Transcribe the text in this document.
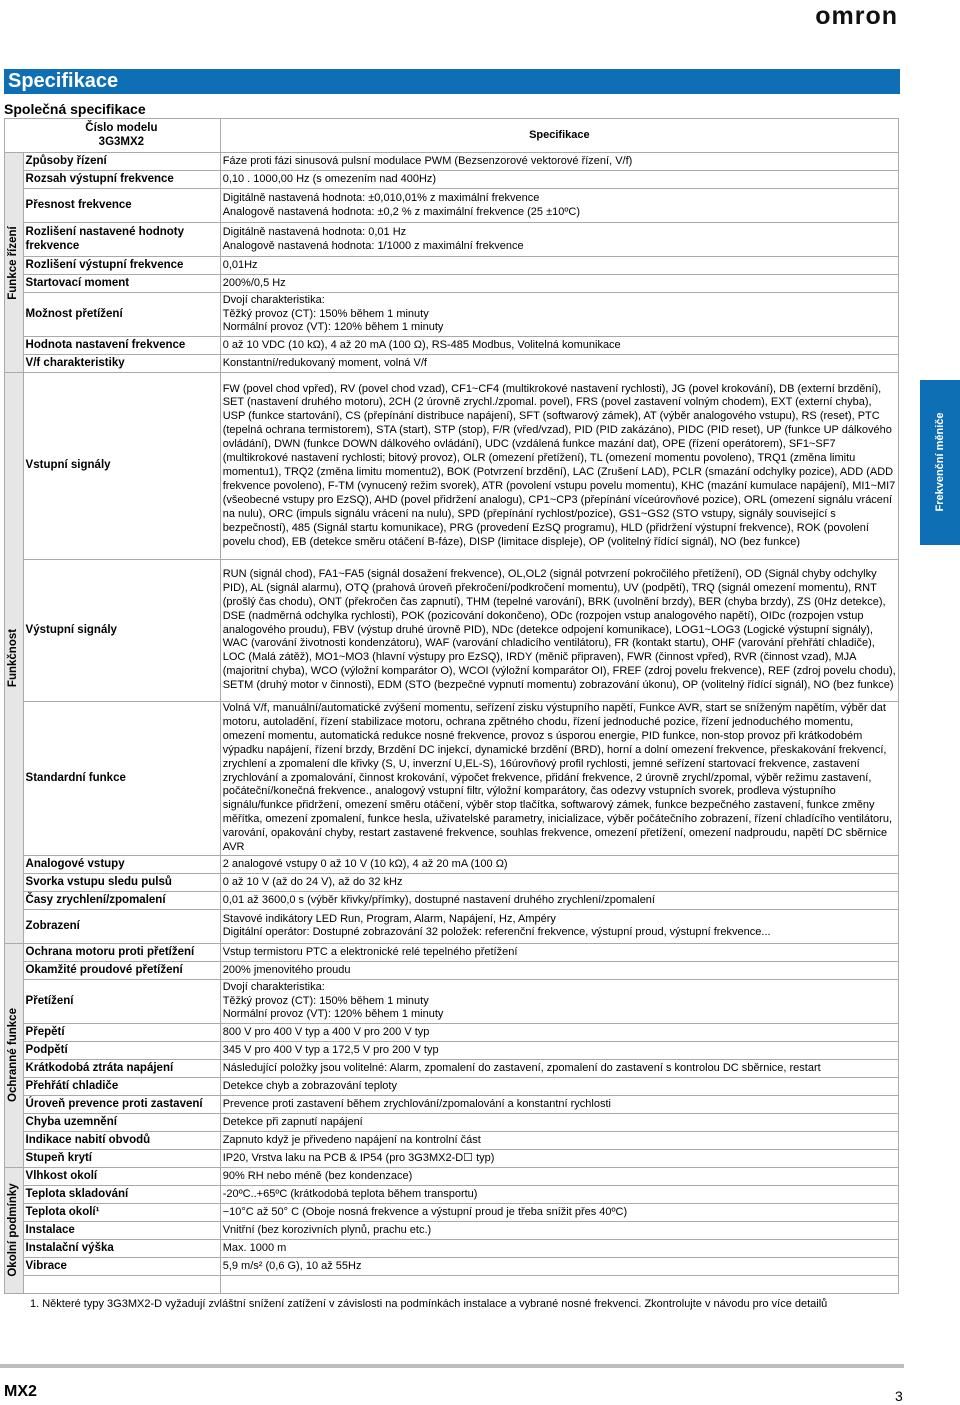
omron
Specifikace
Společná specifikace
Frekvenční měniče

	Číslo modelu
3G3MX2	Specifikace

Funkce řízení	Způsoby řízení	Fáze proti fázi sinusová pulsní modulace PWM (Bezsenzorové vektorové řízení, V/f)
	Rozsah výstupní frekvence	0,10 . 1000,00 Hz (s omezením nad 400Hz)
	Přesnost frekvence	Digitálně nastavená hodnota: ±0,010,01% z maximální frekvence
Analogově nastavená hodnota: ±0,2 % z maximální frekvence (25 ±10ºC)

	Rozlišení nastavené hodnoty frekvence	Digitálně nastavená hodnota: 0,01 Hz
Analogově nastavená hodnota: 1/1000 z maximální frekvence

	Rozlišení výstupní frekvence	0,01Hz
	Startovací moment	200%/0,5 Hz
	Možnost přetížení	Dvojí charakteristika:
Těžký provoz (CT): 150% během 1 minuty
Normální provoz (VT): 120% během 1 minuty

	Hodnota nastavení frekvence	0 až 10 VDC (10 kΩ), 4 až 20 mA (100 Ω), RS-485 Modbus, Volitelná komunikace
	V/f charakteristiky	Konstantní/redukovaný moment, volná V/f

Funkčnost	Vstupní signály	FW (povel chod vpřed), RV (povel chod vzad), CF1~CF4 (multikrokové nastavení rychlosti), JG (povel krokování), DB (externí brzdění), SET (nastavení druhého motoru), 2CH (2 úrovně zrychl./zpomal. povel), FRS (povel zastavení volným chodem), EXT (externí chyba), USP (funkce startování), CS (přepínání distribuce napájení), SFT (softwarový zámek), AT (výběr analogového vstupu), RS (reset), PTC (tepelná ochrana termistorem), STA (start), STP (stop), F/R (vřed/vzad), PID (PID zakázáno), PIDC (PID reset), UP (funkce UP dálkového ovládání), DWN (funkce DOWN dálkového ovládání), UDC (vzdálená funkce mazání dat), OPE (řízení operátorem), SF1~SF7 (multikrokové nastavení rychlosti; bitový provoz), OLR (omezení přetížení), TL (omezení momentu povoleno), TRQ1 (změna limitu momentu1), TRQ2 (změna limitu momentu2), BOK (Potvrzení brzdění), LAC (Zrušení LAD), PCLR (smazání odchylky pozice), ADD (ADD frekvence povoleno), F-TM (vynucený režim svorek), ATR (povolení vstupu povelu momentu), KHC (mazání kumulace napájení), MI1~MI7 (všeobecné vstupy pro EzSQ), AHD (povel přidržení analogu), CP1~CP3 (přepínání víceúrovňové pozice), ORL (omezení signálu vrácení na nulu), ORC (impuls signálu vrácení na nulu), SPD (přepínání rychlost/pozice), GS1~GS2 (STO vstupy, signály související s bezpečností), 485 (Signál startu komunikace), PRG (provedení EzSQ programu), HLD (přidržení výstupní frekvence), ROK (povolení povelu chod), EB (detekce směru otáčení B-fáze), DISP (limitace displeje), OP (volitelný řídící signál), NO (bez funkce)
	Výstupní signály	RUN (signál chod), FA1~FA5 (signál dosažení frekvence), OL,OL2 (signál potvrzení pokročilého přetížení), OD (Signál chyby odchylky PID), AL (signál alarmu), OTQ (prahová úroveň překročení/podkročení momentu), UV (podpětí), TRQ (signál omezení momentu), RNT (prošlý čas chodu), ONT (překročen čas zapnutí), THM (tepelné varování), BRK (uvolnění brzdy), BER (chyba brzdy), ZS (0Hz detekce), DSE (nadměrná odchylka rychlosti), POK (pozicování dokončeno), ODc (rozpojen vstup analogového napětí), OIDc (rozpojen vstup analogového proudu), FBV (výstup druhé úrovně PID), NDc (detekce odpojení komunikace), LOG1~LOG3 (Logické výstupní signály), WAC (varování životnosti kondenzátoru), WAF (varování chladicího ventilátoru), FR (kontakt startu), OHF (varování přehřátí chladiče), LOC (Malá zátěž), MO1~MO3 (hlavní výstupy pro EzSQ), IRDY (měnič připraven), FWR (činnost vpřed), RVR (činnost vzad), MJA (majoritní chyba), WCO (výložní komparátor O), WCOI (výložní komparátor OI), FREF (zdroj povelu frekvence), REF (zdroj povelu chodu), SETM (druhý motor v činnosti), EDM (STO (bezpečné vypnutí momentu) zobrazování úkonu), OP (volitelný řídící signál), NO (bez funkce)
	Standardní funkce	Volná V/f, manuální/automatické zvýšení momentu, seřízení zisku výstupního napětí, Funkce AVR, start se sníženým napětím, výběr dat motoru, autoladění, řízení stabilizace motoru, ochrana zpětného chodu, řízení jednoduché pozice, řízení jednoduchého momentu, omezení momentu, automatická redukce nosné frekvence, provoz s úsporou energie, PID funkce, non-stop provoz při krátkodobém výpadku napájení, řízení brzdy, Brzdění DC injekcí, dynamické brzdění (BRD), horní a dolní omezení frekvence, přeskakování frekvencí, zrychlení a zpomalení dle křivky (S, U, inverzní U,EL-S), 16úrovňový profil rychlosti, jemné seřízení startovací frekvence, zastavení zrychlování a zpomalování, činnost krokování, výpočet frekvence, přidání frekvence, 2 úrovně zrychl/zpomal, výběr režimu zastavení, počáteční/konečná frekvence., analogový vstupní filtr, výložní komparátory, čas odezvy vstupních svorek, prodleva výstupního signálu/funkce přidržení, omezení směru otáčení, výběr stop tlačítka, softwarový zámek, funkce bezpečného zastavení, funkce změny měřítka, omezení zpomalení, funkce hesla, uživatelské parametry, inicializace, výběr počátečního zobrazení, řízení chladícího ventilátoru, varování, opakování chyby, restart zastavené frekvence, souhlas frekvence, omezení přetížení, omezení nadproudu, napětí DC sběrnice AVR
	Analogové vstupy	2 analogové vstupy 0 až 10 V (10 kΩ), 4 až 20 mA (100 Ω)
	Svorka vstupu sledu pulsů	0 až 10 V (až do 24 V), až do 32 kHz
	Časy zrychlení/zpomalení	0,01 až 3600,0 s (výběr křivky/přímky), dostupné nastavení druhého zrychlení/zpomalení
	Zobrazení	Stavové indikátory LED Run, Program, Alarm, Napájení, Hz, Ampéry
Digitální operátor: Dostupné zobrazování 32 položek: referenční frekvence, výstupní proud, výstupní frekvence...

Ochranné funkce	Ochrana motoru proti přetížení	Vstup termistoru PTC a elektronické relé tepelného přetížení
	Okamžité proudové přetížení	200% jmenovitého proudu
	Přetížení	Dvojí charakteristika:
Těžký provoz (CT): 150% během 1 minuty
Normální provoz (VT): 120% během 1 minuty

	Přepětí	800 V pro 400 V typ a 400 V pro 200 V typ
	Podpětí	345 V pro 400 V typ a 172,5 V pro 200 V typ
	Krátkodobá ztráta napájení	Následující položky jsou volitelné: Alarm, zpomalení do zastavení, zpomalení do zastavení s kontrolou DC sběrnice, restart
	Přehřátí chladiče	Detekce chyb a zobrazování teploty
	Úroveň prevence proti zastavení	Prevence proti zastavení během zrychlování/zpomalování a konstantní rychlosti
	Chyba uzemnění	Detekce při zapnutí napájení
	Indikace nabití obvodů	Zapnuto když je přivedeno napájení na kontrolní část
	Stupeň krytí	IP20, Vrstva laku na PCB & IP54 (pro 3G3MX2-D☐ typ)

Okolní podmínky	Vlhkost okolí	90% RH nebo méně (bez kondenzace)
	Teplota skladování	-20ºC..+65ºC (krátkodobá teplota během transportu)
	Teplota okolí¹	−10°C až 50° C (Oboje nosná frekvence a výstupní proud je třeba snížit přes 40ºC)
	Instalace	Vnitřní (bez korozivních plynů, prachu etc.)
	Instalační výška	Max. 1000 m
	Vibrace	5,9 m/s² (0,6 G), 10 až 55Hz

1. Některé typy 3G3MX2-D vyžadují zvláštní snížení zatížení v závislosti na podmínkách instalace a vybrané nosné frekvenci. Zkontrolujte v návodu pro více detailů
MX2	3
